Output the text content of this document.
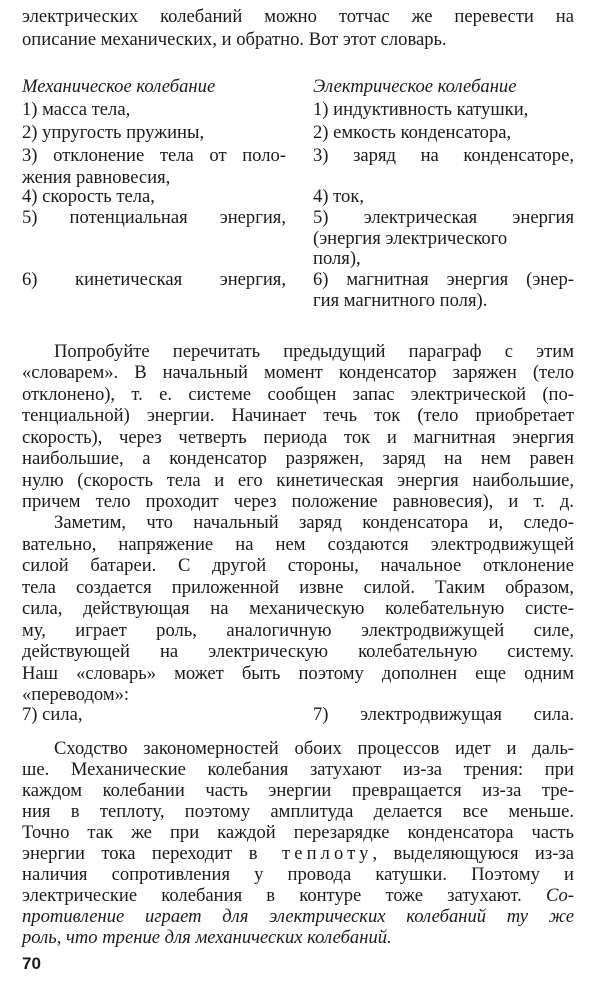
электрических колебаний можно тотчас же перевести на

описание механических, и обратно. Вот этот словарь.

Механическое колебание	Электрическое колебание

1) масса тела,

2) упругость пружины,

3) отклонение тела от поло-

жения равновесия,

4) скорость тела,

5) потенциальная энергия,

6) кинетическая энергия,

1) индуктивность катушки,

2) емкость конденсатора,

3) заряд на конденсаторе,

4) ток,

5) электрическая энергия

(энергия электрического

поля),

6) магнитная энергия (энер-

гия магнитного поля).

Попробуйте перечитать предыдущий параграф с этим

«словарем». В начальный момент конденсатор заряжен (тело

отклонено), т. е. системе сообщен запас электрической (по-

тенциальной) энергии. Начинает течь ток (тело приобретает

скорость), через четверть периода ток и магнитная энергия

наибольшие, а конденсатор разряжен, заряд на нем равен

нулю (скорость тела и его кинетическая энергия наибольшие,

причем тело проходит через положение равновесия), и т. д.

Заметим, что начальный заряд конденсатора и, следо-

вательно, напряжение на нем создаются электродвижущей

силой батареи. С другой стороны, начальное отклонение

тела создается приложенной извне силой. Таким образом,

сила, действующая на механическую колебательную систе-

му, играет роль, аналогичную электродвижущей силе,

действующей на электрическую колебательную систему.

Наш «словарь» может быть поэтому дополнен еще одним

«переводом»:

7) сила,	7) электродвижущая сила.

Сходство закономерностей обоих процессов идет и даль-

ше. Механические колебания затухают из-за трения: при

каждом колебании часть энергии превращается из-за тре-

ния в теплоту, поэтому амплитуда делается все меньше.

Точно так же при каждой перезарядке конденсатора часть

энергии тока переходит в теплоту, выделяющуюся из-за

наличия сопротивления у провода катушки. Поэтому и

электрические колебания в контуре тоже затухают. Со-

противление играет для электрических колебаний ту же

роль, что трение для механических колебаний.

70
